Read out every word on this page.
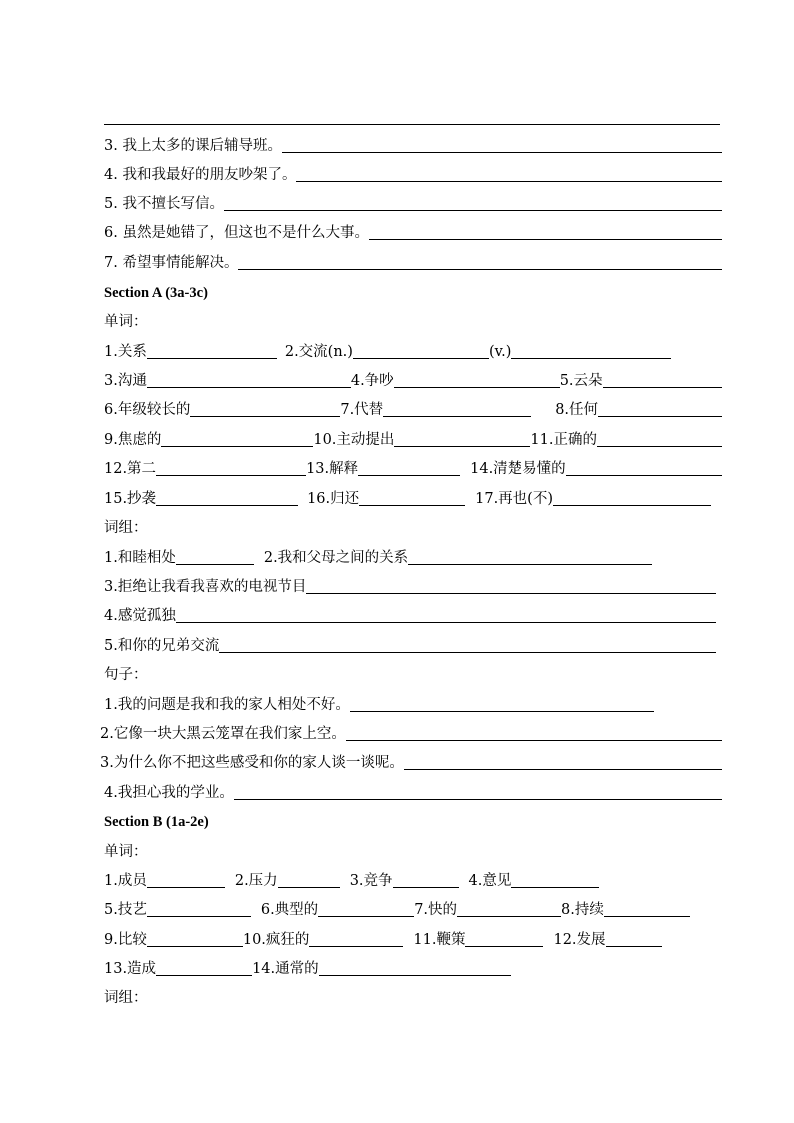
3. 我上太多的课后辅导班。
4. 我和我最好的朋友吵架了。
5. 我不擅长写信。
6. 虽然是她错了，但这也不是什么大事。
7. 希望事情能解决。
Section A (3a-3c)
单词：
1.关系	2.交流(n.)	(v.)
3.沟通	4.争吵	5.云朵
6.年级较长的	7.代替	8.任何
9.焦虑的	10.主动提出	11.正确的
12.第二	13.解释	14.清楚易懂的
15.抄袭	16.归还	17.再也(不)
词组：
1.和睦相处	2.我和父母之间的关系
3.拒绝让我看我喜欢的电视节目
4.感觉孤独
5.和你的兄弟交流
句子：
1.我的问题是我和我的家人相处不好。
2.它像一块大黑云笼罩在我们家上空。
3.为什么你不把这些感受和你的家人谈一谈呢。
4.我担心我的学业。
Section B (1a-2e)
单词：
1.成员	2.压力	3.竞争	4.意见
5.技艺	6.典型的	7.快的	8.持续
9.比较	10.疯狂的	11.鞭策	12.发展
13.造成	14.通常的
词组：
